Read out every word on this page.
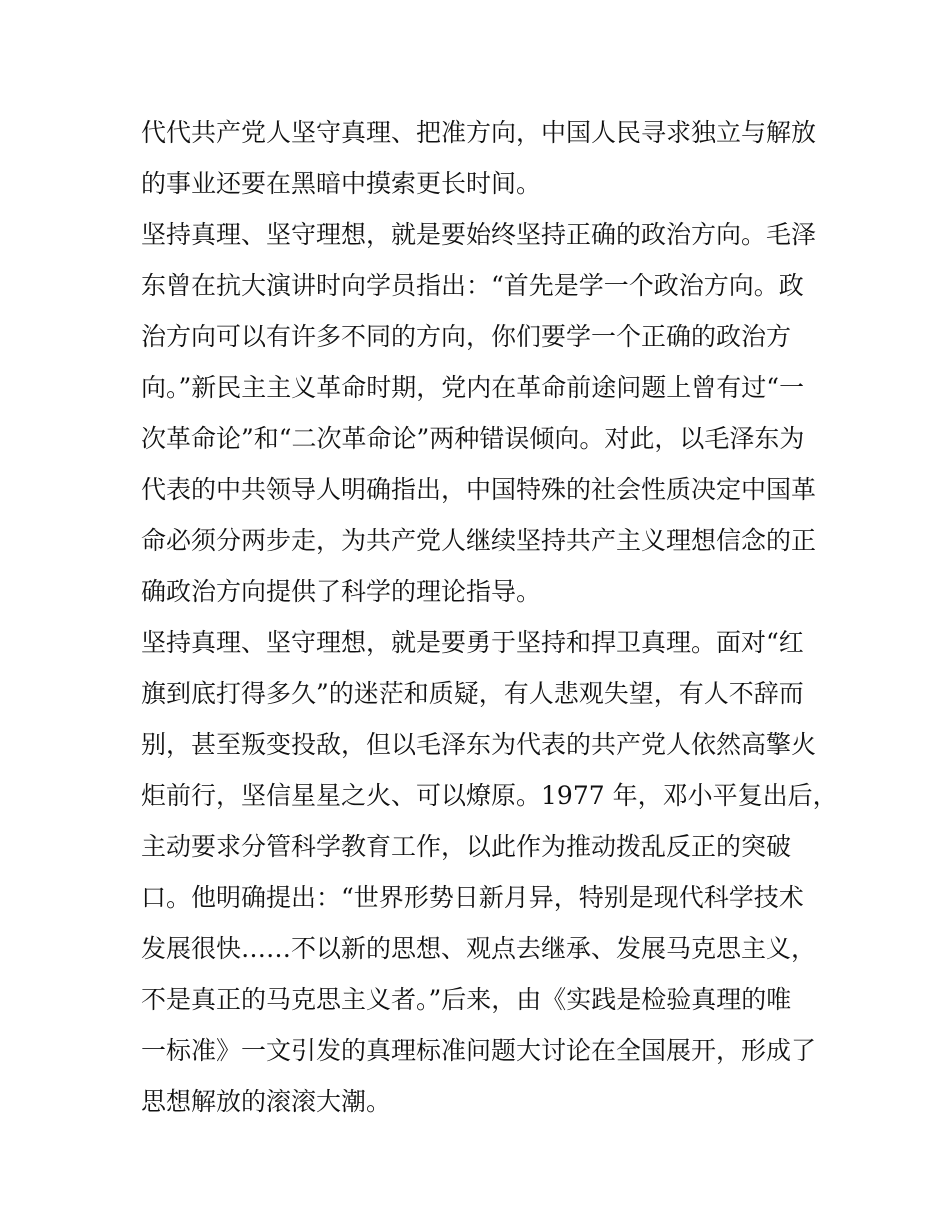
代代共产党人坚守真理、把准方向，中国人民寻求独立与解放
的事业还要在黑暗中摸索更长时间。
坚持真理、坚守理想，就是要始终坚持正确的政治方向。毛泽
东曾在抗大演讲时向学员指出：“首先是学一个政治方向。政
治方向可以有许多不同的方向，你们要学一个正确的政治方
向。”新民主主义革命时期，党内在革命前途问题上曾有过“一
次革命论”和“二次革命论”两种错误倾向。对此，以毛泽东为
代表的中共领导人明确指出，中国特殊的社会性质决定中国革
命必须分两步走，为共产党人继续坚持共产主义理想信念的正
确政治方向提供了科学的理论指导。
坚持真理、坚守理想，就是要勇于坚持和捍卫真理。面对“红
旗到底打得多久”的迷茫和质疑，有人悲观失望，有人不辞而
别，甚至叛变投敌，但以毛泽东为代表的共产党人依然高擎火
炬前行，坚信星星之火、可以燎原。1977 年，邓小平复出后，
主动要求分管科学教育工作，以此作为推动拨乱反正的突破
口。他明确提出：“世界形势日新月异，特别是现代科学技术
发展很快……不以新的思想、观点去继承、发展马克思主义，
不是真正的马克思主义者。”后来，由《实践是检验真理的唯
一标准》一文引发的真理标准问题大讨论在全国展开，形成了
思想解放的滚滚大潮。
